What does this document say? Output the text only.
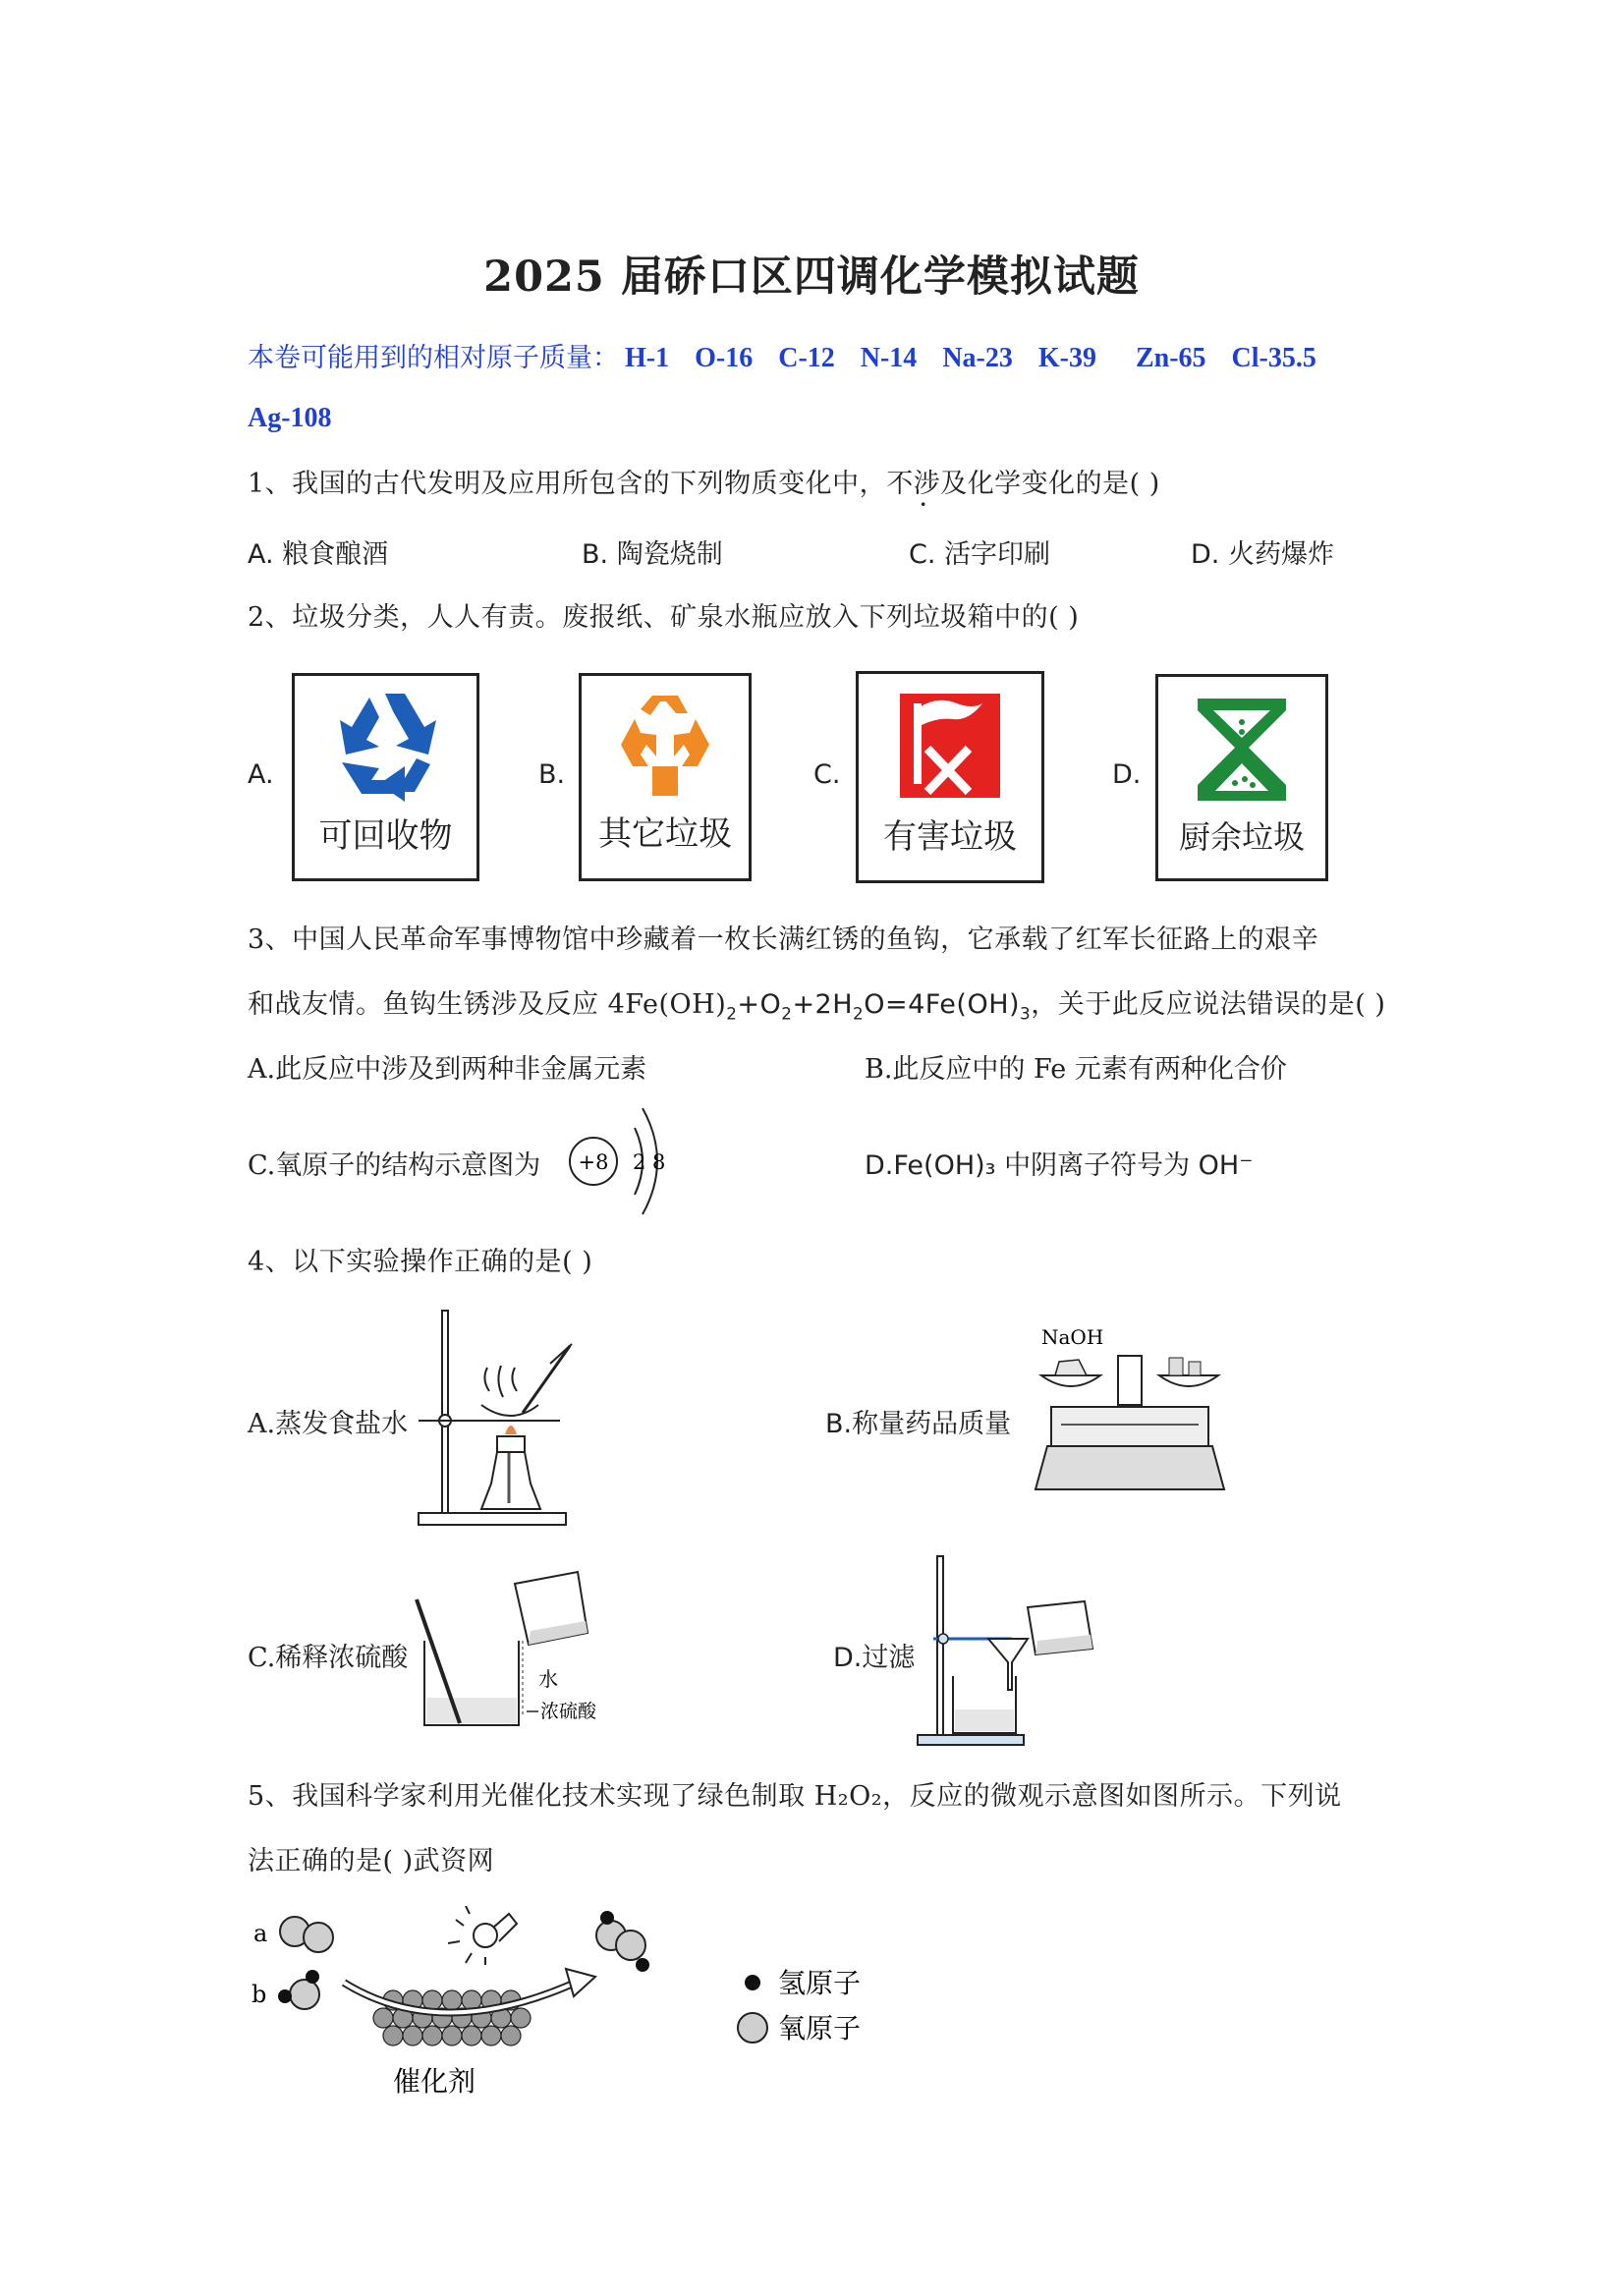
2025 届硚口区四调化学模拟试题
本卷可能用到的相对原子质量： H-1 O-16 C-12 N-14 Na-23 K-39 Zn-65 Cl-35.5
Ag-108
1、我国的古代发明及应用所包含的下列物质变化中，不涉及化学变化的是( )
A. 粮食酿酒	B. 陶瓷烧制	C. 活字印刷	D. 火药爆炸
2、垃圾分类，人人有责。废报纸、矿泉水瓶应放入下列垃圾箱中的( )
A.
可回收物
B.
其它垃圾
C.
有害垃圾
D.
厨余垃圾
3、中国人民革命军事博物馆中珍藏着一枚长满红锈的鱼钩，它承载了红军长征路上的艰辛
和战友情。鱼钩生锈涉及反应 $4Fe(OH)_2+O_2+2H_2O=4Fe(OH)_3$，关于此反应说法错误的是( )
A.此反应中涉及到两种非金属元素	B.此反应中的 Fe 元素有两种化合价
C.氧原子的结构示意图为 +8 2 8	D.Fe(OH)₃ 中阴离子符号为 OH⁻
4、以下实验操作正确的是( )
A.蒸发食盐水	B.称量药品质量
NaOH
C.稀释浓硫酸
水
浓硫酸
D.过滤
5、我国科学家利用光催化技术实现了绿色制取 H₂O₂，反应的微观示意图如图所示。下列说
法正确的是( )武资网
a
b
催化剂
氢原子
氧原子
